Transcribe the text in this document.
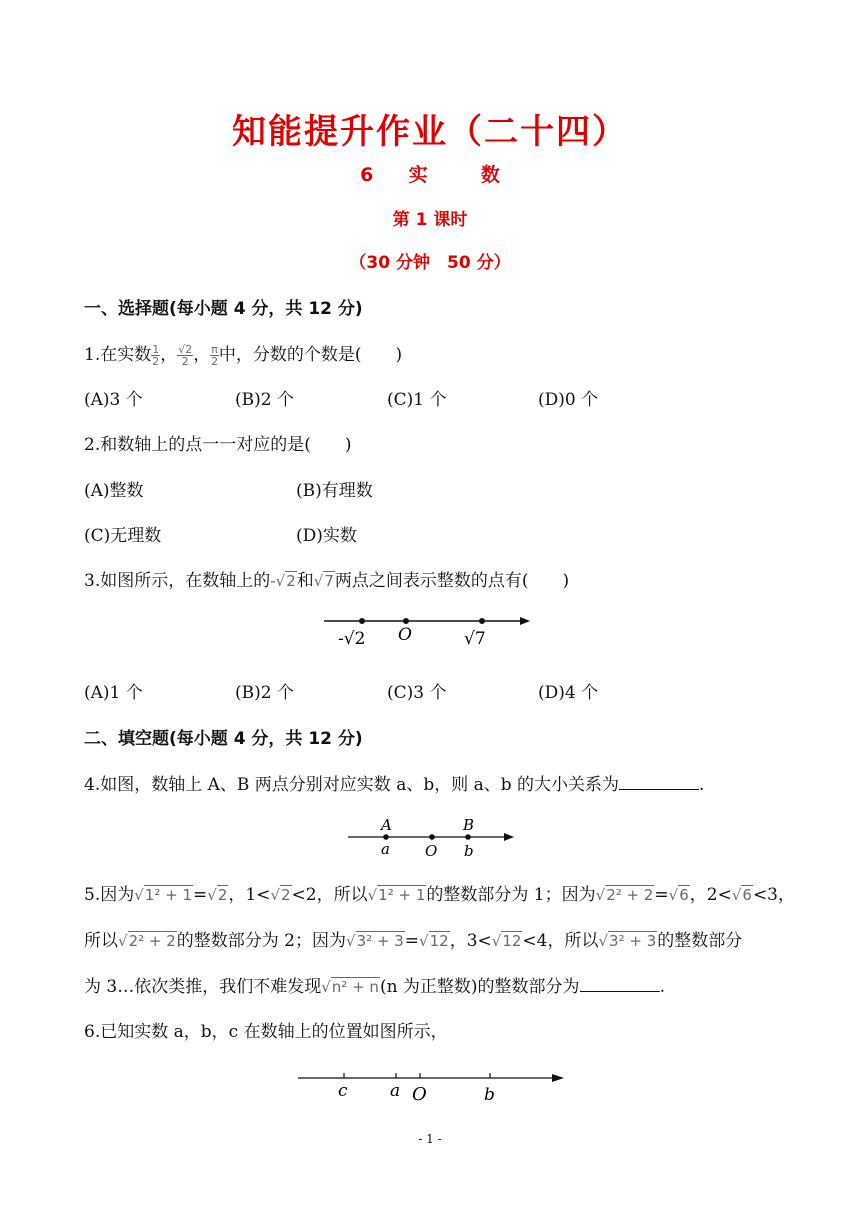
知能提升作业（二十四）
6 实	数
第 1 课时
（30 分钟　50 分）
一、选择题(每小题 4 分，共 12 分)
1.在实数 $\frac{1}{2}$ ， $\frac{√2}{2}$ ， $\frac{\pi}{2}$ 中，分数的个数是(　　)
(A)3 个	(B)2 个	(C)1 个	(D)0 个
2.和数轴上的点一一对应的是(　　)
(A)整数	(B)有理数
(C)无理数	(D)实数
3.如图所示，在数轴上的-√2和√7两点之间表示整数的点有(　　)
-√2 O	√7
(A)1 个	(B)2 个	(C)3 个	(D)4 个
二、填空题(每小题 4 分，共 12 分)
4.如图，数轴上 A、B 两点分别对应实数 a、b，则 a、b 的大小关系为	.
A
a O
B
b
5.因为√1² + 1=√2，1<√2<2，所以√1² + 1的整数部分为 1；因为√2² + 2=√6，2<√6<3，
所以√2² + 2的整数部分为 2；因为√3² + 3=√12，3<√12<4，所以√3² + 3的整数部分
为 3…依次类推，我们不难发现√n² + n(n 为正整数)的整数部分为	.
6.已知实数 a，b，c 在数轴上的位置如图所示，
c a O	b
- 1 -
